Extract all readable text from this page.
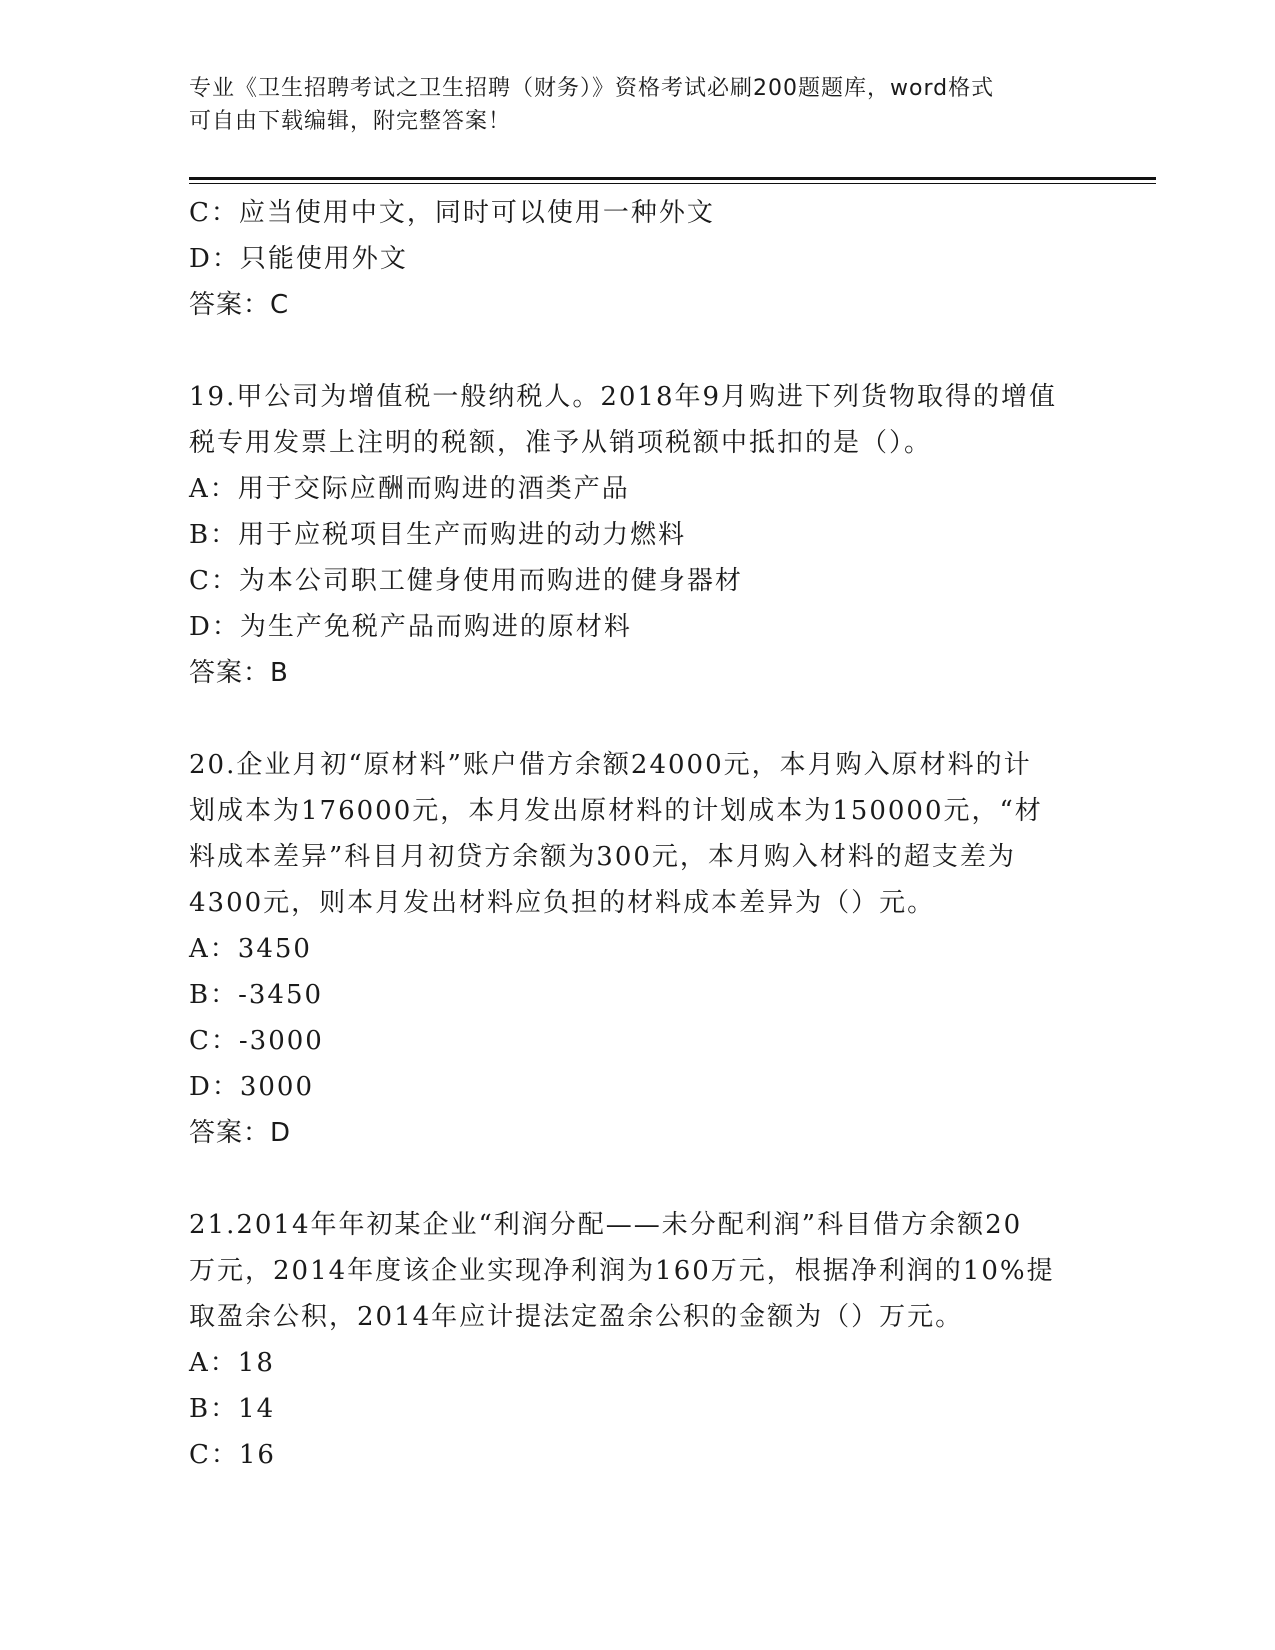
专业《卫生招聘考试之卫生招聘（财务）》资格考试必刷200题题库，word格式
可自由下载编辑，附完整答案！
C：应当使用中文，同时可以使用一种外文
D：只能使用外文
答案：C
19.甲公司为增值税一般纳税人。2018年9月购进下列货物取得的增值
税专用发票上注明的税额，准予从销项税额中抵扣的是（）。
A：用于交际应酬而购进的酒类产品
B：用于应税项目生产而购进的动力燃料
C：为本公司职工健身使用而购进的健身器材
D：为生产免税产品而购进的原材料
答案：B
20.企业月初“原材料”账户借方余额24000元，本月购入原材料的计
划成本为176000元，本月发出原材料的计划成本为150000元，“材
料成本差异”科目月初贷方余额为300元，本月购入材料的超支差为
4300元，则本月发出材料应负担的材料成本差异为（）元。
A：3450
B：-3450
C：-3000
D：3000
答案：D
21.2014年年初某企业“利润分配——未分配利润”科目借方余额20
万元，2014年度该企业实现净利润为160万元，根据净利润的10%提
取盈余公积，2014年应计提法定盈余公积的金额为（）万元。
A：18
B：14
C：16
